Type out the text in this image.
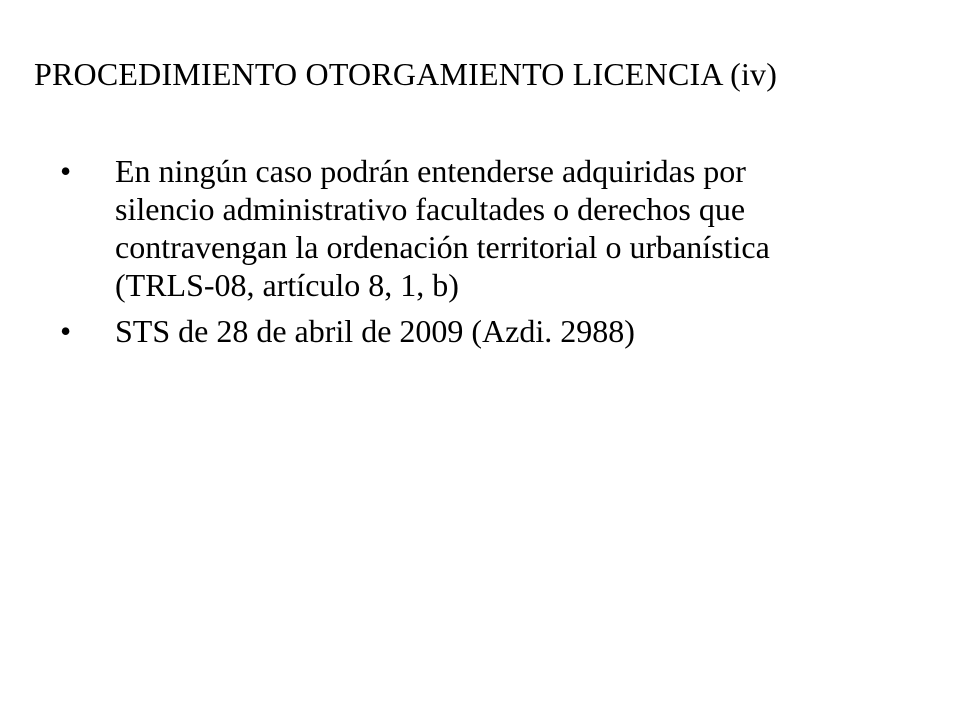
PROCEDIMIENTO OTORGAMIENTO LICENCIA (iv)
• En ningún caso podrán entenderse adquiridas por
silencio administrativo facultades o derechos que
contravengan la ordenación territorial o urbanística
(TRLS-08, artículo 8, 1, b)

• STS de 28 de abril de 2009 (Azdi. 2988)
